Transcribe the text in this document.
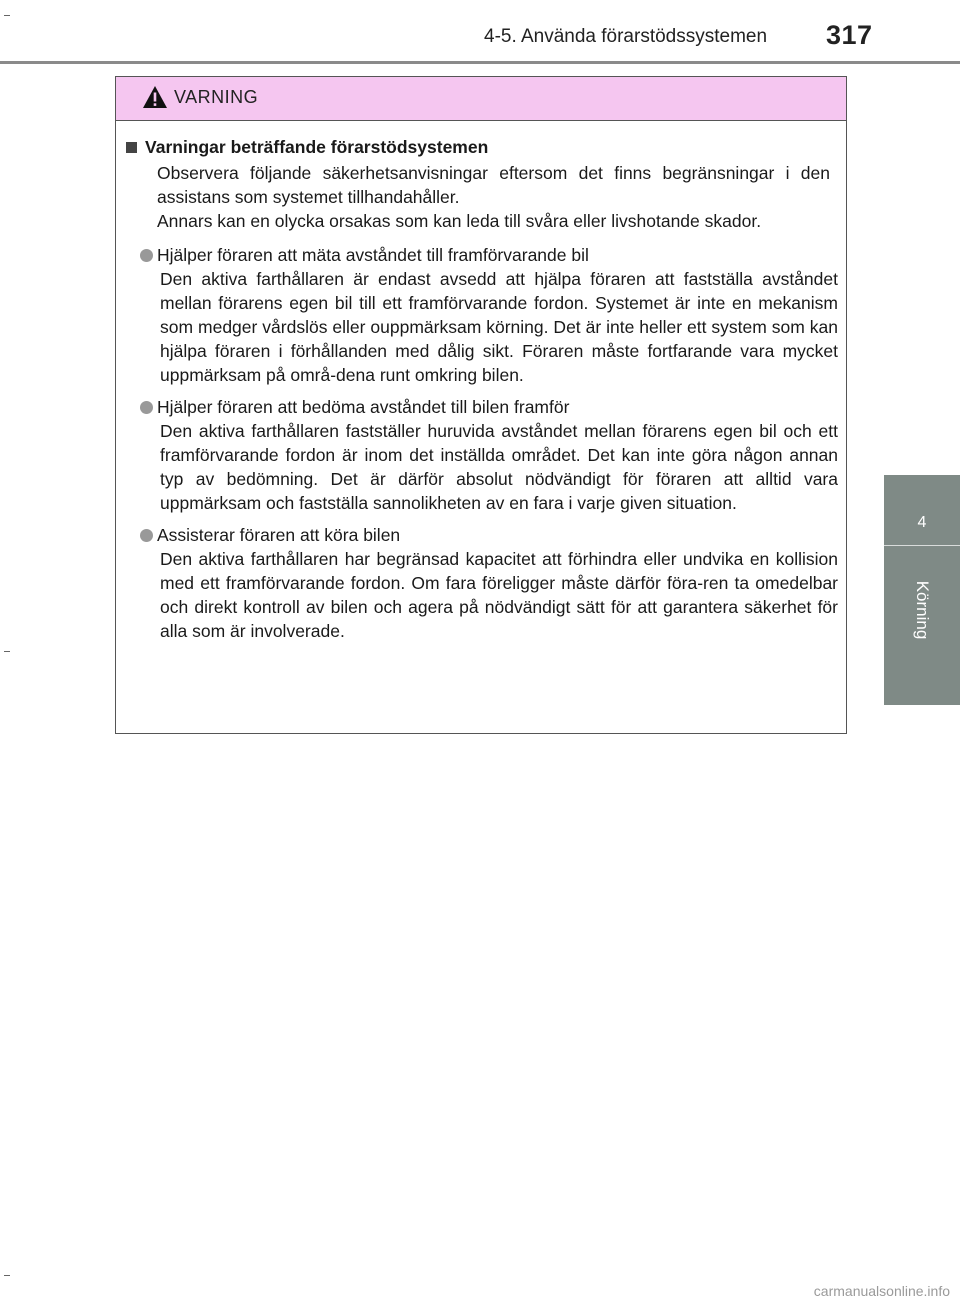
4-5. Använda förarstödssystemen 317
4
Körning
VARNING
Varningar beträffande förarstödsystemen
Observera följande säkerhetsanvisningar eftersom det finns begränsningar i den assistans som systemet tillhandahåller.
Annars kan en olycka orsakas som kan leda till svåra eller livshotande skador.
Hjälper föraren att mäta avståndet till framförvarande bil
Den aktiva farthållaren är endast avsedd att hjälpa föraren att fastställa avståndet mellan förarens egen bil till ett framförvarande fordon. Systemet är inte en mekanism som medger vårdslös eller ouppmärksam körning. Det är inte heller ett system som kan hjälpa föraren i förhållanden med dålig sikt. Föraren måste fortfarande vara mycket uppmärksam på områ-dena runt omkring bilen.
Hjälper föraren att bedöma avståndet till bilen framför
Den aktiva farthållaren fastställer huruvida avståndet mellan förarens egen bil och ett framförvarande fordon är inom det inställda området. Det kan inte göra någon annan typ av bedömning. Det är därför absolut nödvändigt för föraren att alltid vara uppmärksam och fastställa sannolikheten av en fara i varje given situation.
Assisterar föraren att köra bilen
Den aktiva farthållaren har begränsad kapacitet att förhindra eller undvika en kollision med ett framförvarande fordon. Om fara föreligger måste därför föra-ren ta omedelbar och direkt kontroll av bilen och agera på nödvändigt sätt för att garantera säkerhet för alla som är involverade.
carmanualsonline.info
